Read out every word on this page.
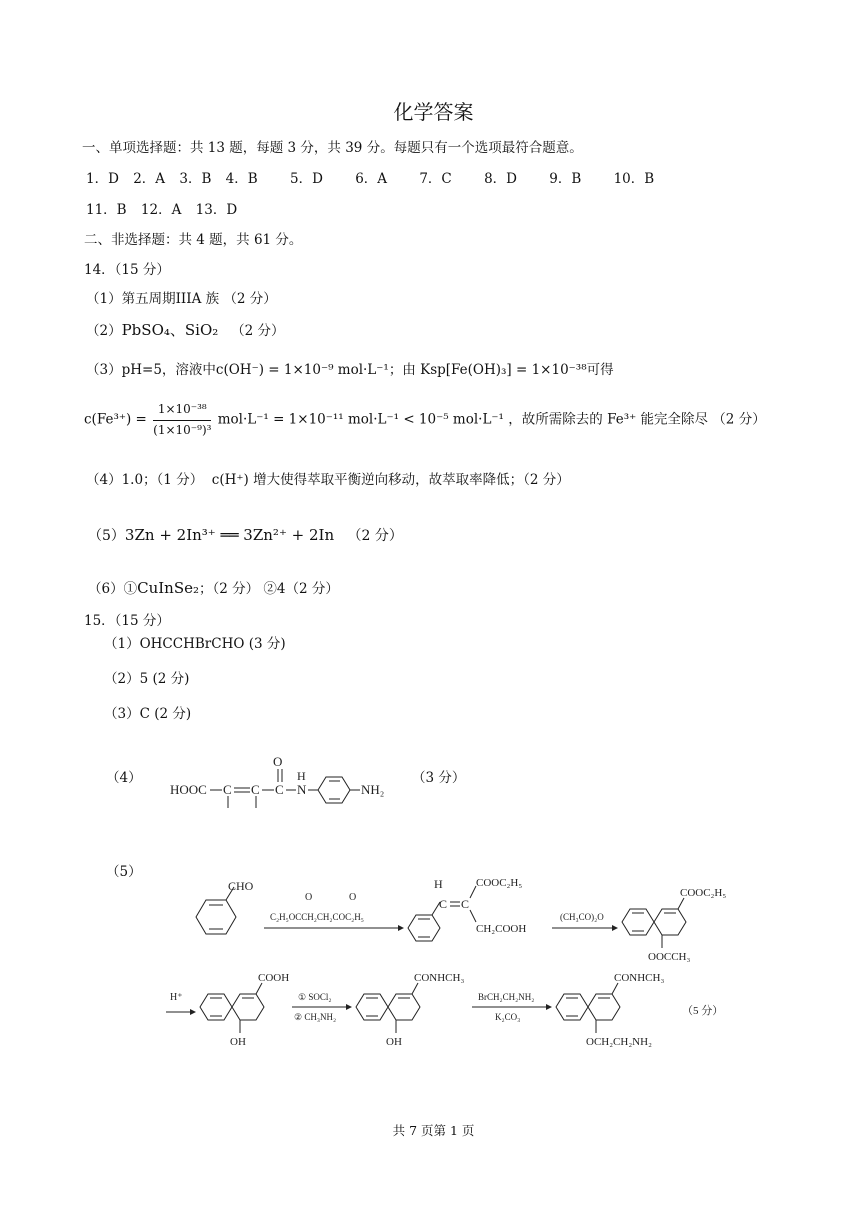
化学答案
一、单项选择题：共 13 题，每题 3 分，共 39 分。每题只有一个选项最符合题意。
1．D 2．A 3．B 4．B 5．D 6．A 7．C 8．D 9．B 10．B
11．B 12．A 13．D
二、非选择题：共 4 题，共 61 分。
14．（15 分）
（1）第五周期IIIA 族 （2 分）
（2）PbSO₄、SiO₂ （2 分）
（3）pH=5，溶液中c(OH⁻) = 1×10⁻⁹ mol·L⁻¹；由 Ksp[Fe(OH)₃] = 1×10⁻³⁸可得
$c(Fe^{3+}) = \frac{\text{1×10⁻³⁸}}{\text{(1×10⁻⁹)³}} mol\cdot L^{-1} = 1\times 10^{-11}$ mol·L⁻¹ < 10⁻⁵ mol·L⁻¹ ，故所需除去的 Fe³⁺ 能完全除尽 （2 分）
（4）1.0；（1 分） c(H⁺) 增大使得萃取平衡逆向移动，故萃取率降低；（2 分）
（5）3Zn + 2In³⁺ ══ 3Zn²⁺ + 2In （2 分）
（6）①CuInSe₂；（2 分） ②4（2 分）
15．（15 分）
（1）OHCCHBrCHO (3 分)
（2）5 (2 分)
（3）C (2 分)
（4）	（3 分）
HOOC C C C
O
N
H
NH₂
（5）
CHO
O	O
C₂H₅OCCH₂CH₂COC₂H₅
H
C C
COOC₂H₅
CH₂COOH
(CH₃CO)₂O
COOC₂H₅
OOCCH₃
H⁺
COOH
OH
① SOCl₂
② CH₃NH₂
CONHCH₃
OH
BrCH₂CH₂NH₂
K₂CO₃
CONHCH₃
OCH₂CH₂NH₂
（5 分）
共 7 页第 1 页
